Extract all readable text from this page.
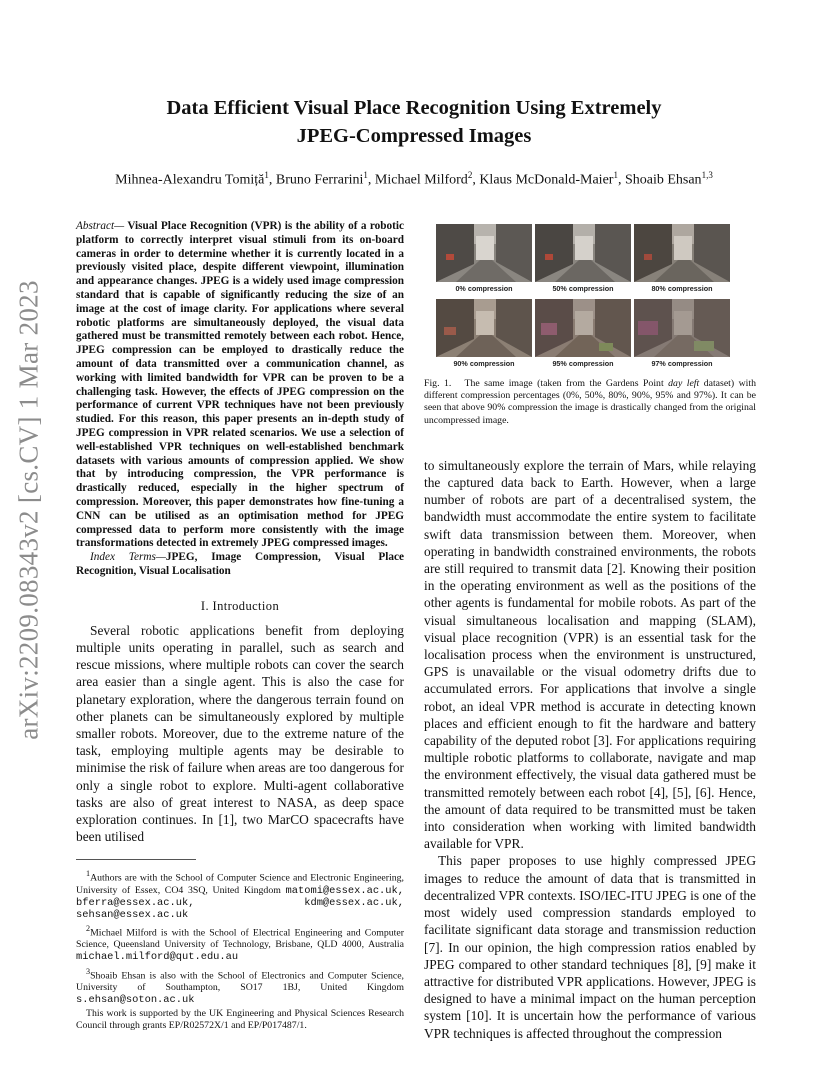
arXiv:2209.08343v2 [cs.CV] 1 Mar 2023
Data Efficient Visual Place Recognition Using Extremely
JPEG-Compressed Images
Mihnea-Alexandru Tomiță$^1$, Bruno Ferrarini$^1$, Michael Milford$^2$, Klaus McDonald-Maier$^1$, Shoaib Ehsan$^{1,3}$

Abstract— Visual Place Recognition (VPR) is the ability of a robotic platform to correctly interpret visual stimuli from its on-board cameras in order to determine whether it is currently located in a previously visited place, despite different viewpoint, illumination and appearance changes. JPEG is a widely used image compression standard that is capable of significantly reducing the size of an image at the cost of image clarity. For applications where several robotic platforms are simultaneously deployed, the visual data gathered must be transmitted remotely between each robot. Hence, JPEG compression can be employed to drastically reduce the amount of data transmitted over a communication channel, as working with limited bandwidth for VPR can be proven to be a challenging task. However, the effects of JPEG compression on the performance of current VPR techniques have not been previously studied. For this reason, this paper presents an in-depth study of JPEG compression in VPR related scenarios. We use a selection of well-established VPR techniques on well-established benchmark datasets with various amounts of compression applied. We show that by introducing compression, the VPR performance is drastically reduced, especially in the higher spectrum of compression. Moreover, this paper demonstrates how fine-tuning a CNN can be utilised as an optimisation method for JPEG compressed data to perform more consistently with the image transformations detected in extremely JPEG compressed images.

Index Terms—JPEG, Image Compression, Visual Place Recognition, Visual Localisation

I. Introduction

Several robotic applications benefit from deploying multiple units operating in parallel, such as search and rescue missions, where multiple robots can cover the search area easier than a single agent. This is also the case for planetary exploration, where the dangerous terrain found on other planets can be simultaneously explored by multiple smaller robots. Moreover, due to the extreme nature of the task, employing multiple agents may be desirable to minimise the risk of failure when areas are too dangerous for only a single robot to explore. Multi-agent collaborative tasks are also of great interest to NASA, as deep space exploration continues. In [1], two MarCO spacecrafts have been utilised

$^1$Authors are with the School of Computer Science and Electronic Engineering, University of Essex, CO4 3SQ, United Kingdom matomi@essex.ac.uk, bferra@essex.ac.uk, kdm@essex.ac.uk, sehsan@essex.ac.uk

$^2$Michael Milford is with the School of Electrical Engineering and Computer Science, Queensland University of Technology, Brisbane, QLD 4000, Australia michael.milford@qut.edu.au

$^3$Shoaib Ehsan is also with the School of Electronics and Computer Science, University of Southampton, SO17 1BJ, United Kingdom s.ehsan@soton.ac.uk

This work is supported by the UK Engineering and Physical Sciences Research Council through grants EP/R02572X/1 and EP/P017487/1.

0% compression	50% compression	80% compression
90% compression	95% compression	97% compression

Fig. 1. The same image (taken from the Gardens Point day left dataset) with different compression percentages (0%, 50%, 80%, 90%, 95% and 97%). It can be seen that above 90% compression the image is drastically changed from the original uncompressed image.

to simultaneously explore the terrain of Mars, while relaying the captured data back to Earth. However, when a large number of robots are part of a decentralised system, the bandwidth must accommodate the entire system to facilitate swift data transmission between them. Moreover, when operating in bandwidth constrained environments, the robots are still required to transmit data [2]. Knowing their position in the operating environment as well as the positions of the other agents is fundamental for mobile robots. As part of the visual simultaneous localisation and mapping (SLAM), visual place recognition (VPR) is an essential task for the localisation process when the environment is unstructured, GPS is unavailable or the visual odometry drifts due to accumulated errors. For applications that involve a single robot, an ideal VPR method is accurate in detecting known places and efficient enough to fit the hardware and battery capability of the deputed robot [3]. For applications requiring multiple robotic platforms to collaborate, navigate and map the environment effectively, the visual data gathered must be transmitted remotely between each robot [4], [5], [6]. Hence, the amount of data required to be transmitted must be taken into consideration when working with limited bandwidth available for VPR.

This paper proposes to use highly compressed JPEG images to reduce the amount of data that is transmitted in decentralized VPR contexts. ISO/IEC-ITU JPEG is one of the most widely used compression standards employed to facilitate significant data storage and transmission reduction [7]. In our opinion, the high compression ratios enabled by JPEG compared to other standard techniques [8], [9] make it attractive for distributed VPR applications. However, JPEG is designed to have a minimal impact on the human perception system [10]. It is uncertain how the performance of various VPR techniques is affected throughout the compression
